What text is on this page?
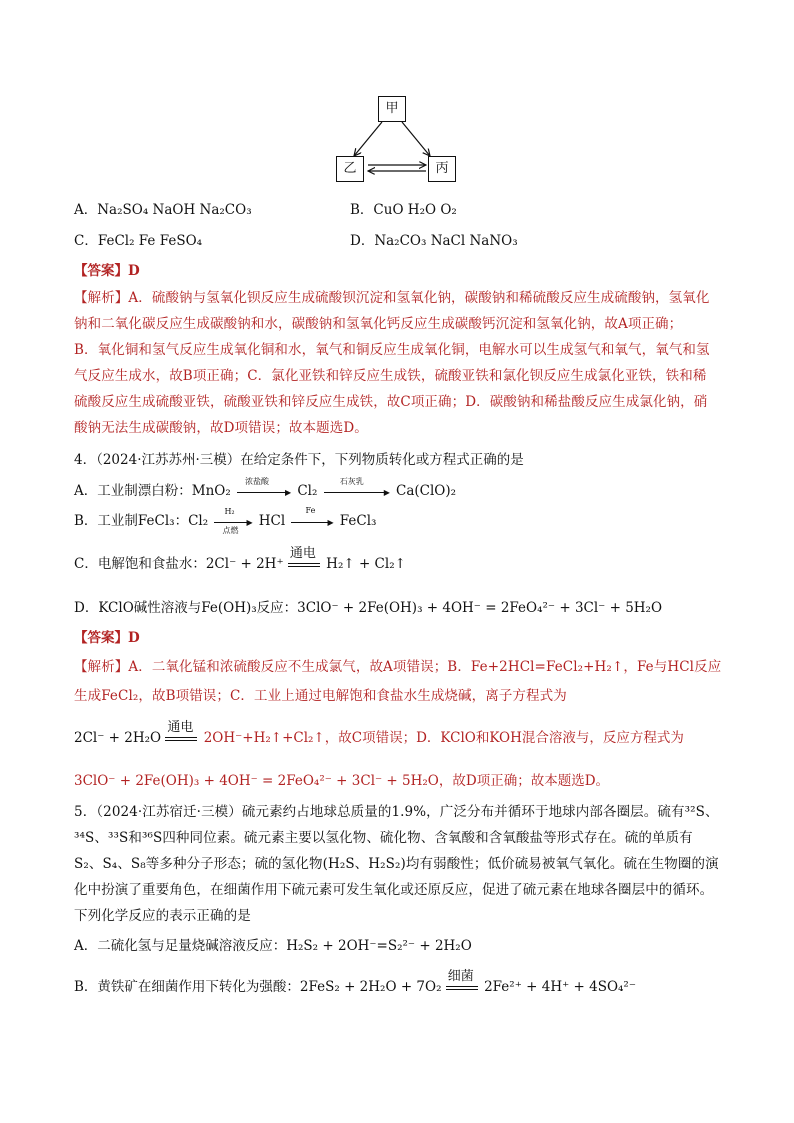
甲
乙	丙
A．Na₂SO₄ NaOH Na₂CO₃	B．CuO H₂O O₂
C．FeCl₂ Fe FeSO₄	D．Na₂CO₃ NaCl NaNO₃
【答案】D
【解析】A．硫酸钠与氢氧化钡反应生成硫酸钡沉淀和氢氧化钠，碳酸钠和稀硫酸反应生成硫酸钠，氢氧化
钠和二氧化碳反应生成碳酸钠和水，碳酸钠和氢氧化钙反应生成碳酸钙沉淀和氢氧化钠，故A项正确；
B．氧化铜和氢气反应生成氧化铜和水，氧气和铜反应生成氧化铜，电解水可以生成氢气和氧气，氧气和氢
气反应生成水，故B项正确；C．氯化亚铁和锌反应生成铁，硫酸亚铁和氯化钡反应生成氯化亚铁，铁和稀
硫酸反应生成硫酸亚铁，硫酸亚铁和锌反应生成铁，故C项正确；D．碳酸钠和稀盐酸反应生成氯化钠，硝
酸钠无法生成碳酸钠，故D项错误；故本题选D。
4．（2024·江苏苏州·三模）在给定条件下，下列物质转化或方程式正确的是
A．工业制漂白粉：MnO₂
浓盐酸
▶ Cl₂
石灰乳
▶ Ca(ClO)₂
B．工业制FeCl₃：Cl₂
H₂
▶
点燃
HCl
Fe
▶ FeCl₃
C．电解饱和食盐水：2Cl⁻ + 2H⁺
通电
H₂↑ + Cl₂↑
D．KClO碱性溶液与Fe(OH)₃反应：3ClO⁻ + 2Fe(OH)₃ + 4OH⁻ = 2FeO₄²⁻ + 3Cl⁻ + 5H₂O
【答案】D
【解析】A．二氧化锰和浓硫酸反应不生成氯气，故A项错误；B．Fe+2HCl=FeCl₂+H₂↑，Fe与HCl反应
生成FeCl₂，故B项错误；C．工业上通过电解饱和食盐水生成烧碱，离子方程式为
2Cl⁻ + 2H₂O
通电
2OH⁻+H₂↑+Cl₂↑，故C项错误；D．KClO和KOH混合溶液与，反应方程式为
3ClO⁻ + 2Fe(OH)₃ + 4OH⁻ = 2FeO₄²⁻ + 3Cl⁻ + 5H₂O，故D项正确；故本题选D。
5．（2024·江苏宿迁·三模）硫元素约占地球总质量的1.9%，广泛分布并循环于地球内部各圈层。硫有³²S、
³⁴S、³³S和³⁶S四种同位素。硫元素主要以氢化物、硫化物、含氧酸和含氧酸盐等形式存在。硫的单质有
S₂、S₄、S₈等多种分子形态；硫的氢化物(H₂S、H₂S₂)均有弱酸性；低价硫易被氧气氧化。硫在生物圈的演
化中扮演了重要角色，在细菌作用下硫元素可发生氧化或还原反应，促进了硫元素在地球各圈层中的循环。
下列化学反应的表示正确的是
A．二硫化氢与足量烧碱溶液反应：H₂S₂ + 2OH⁻=S₂²⁻ + 2H₂O
B．黄铁矿在细菌作用下转化为强酸：2FeS₂ + 2H₂O + 7O₂
细菌
2Fe²⁺ + 4H⁺ + 4SO₄²⁻
